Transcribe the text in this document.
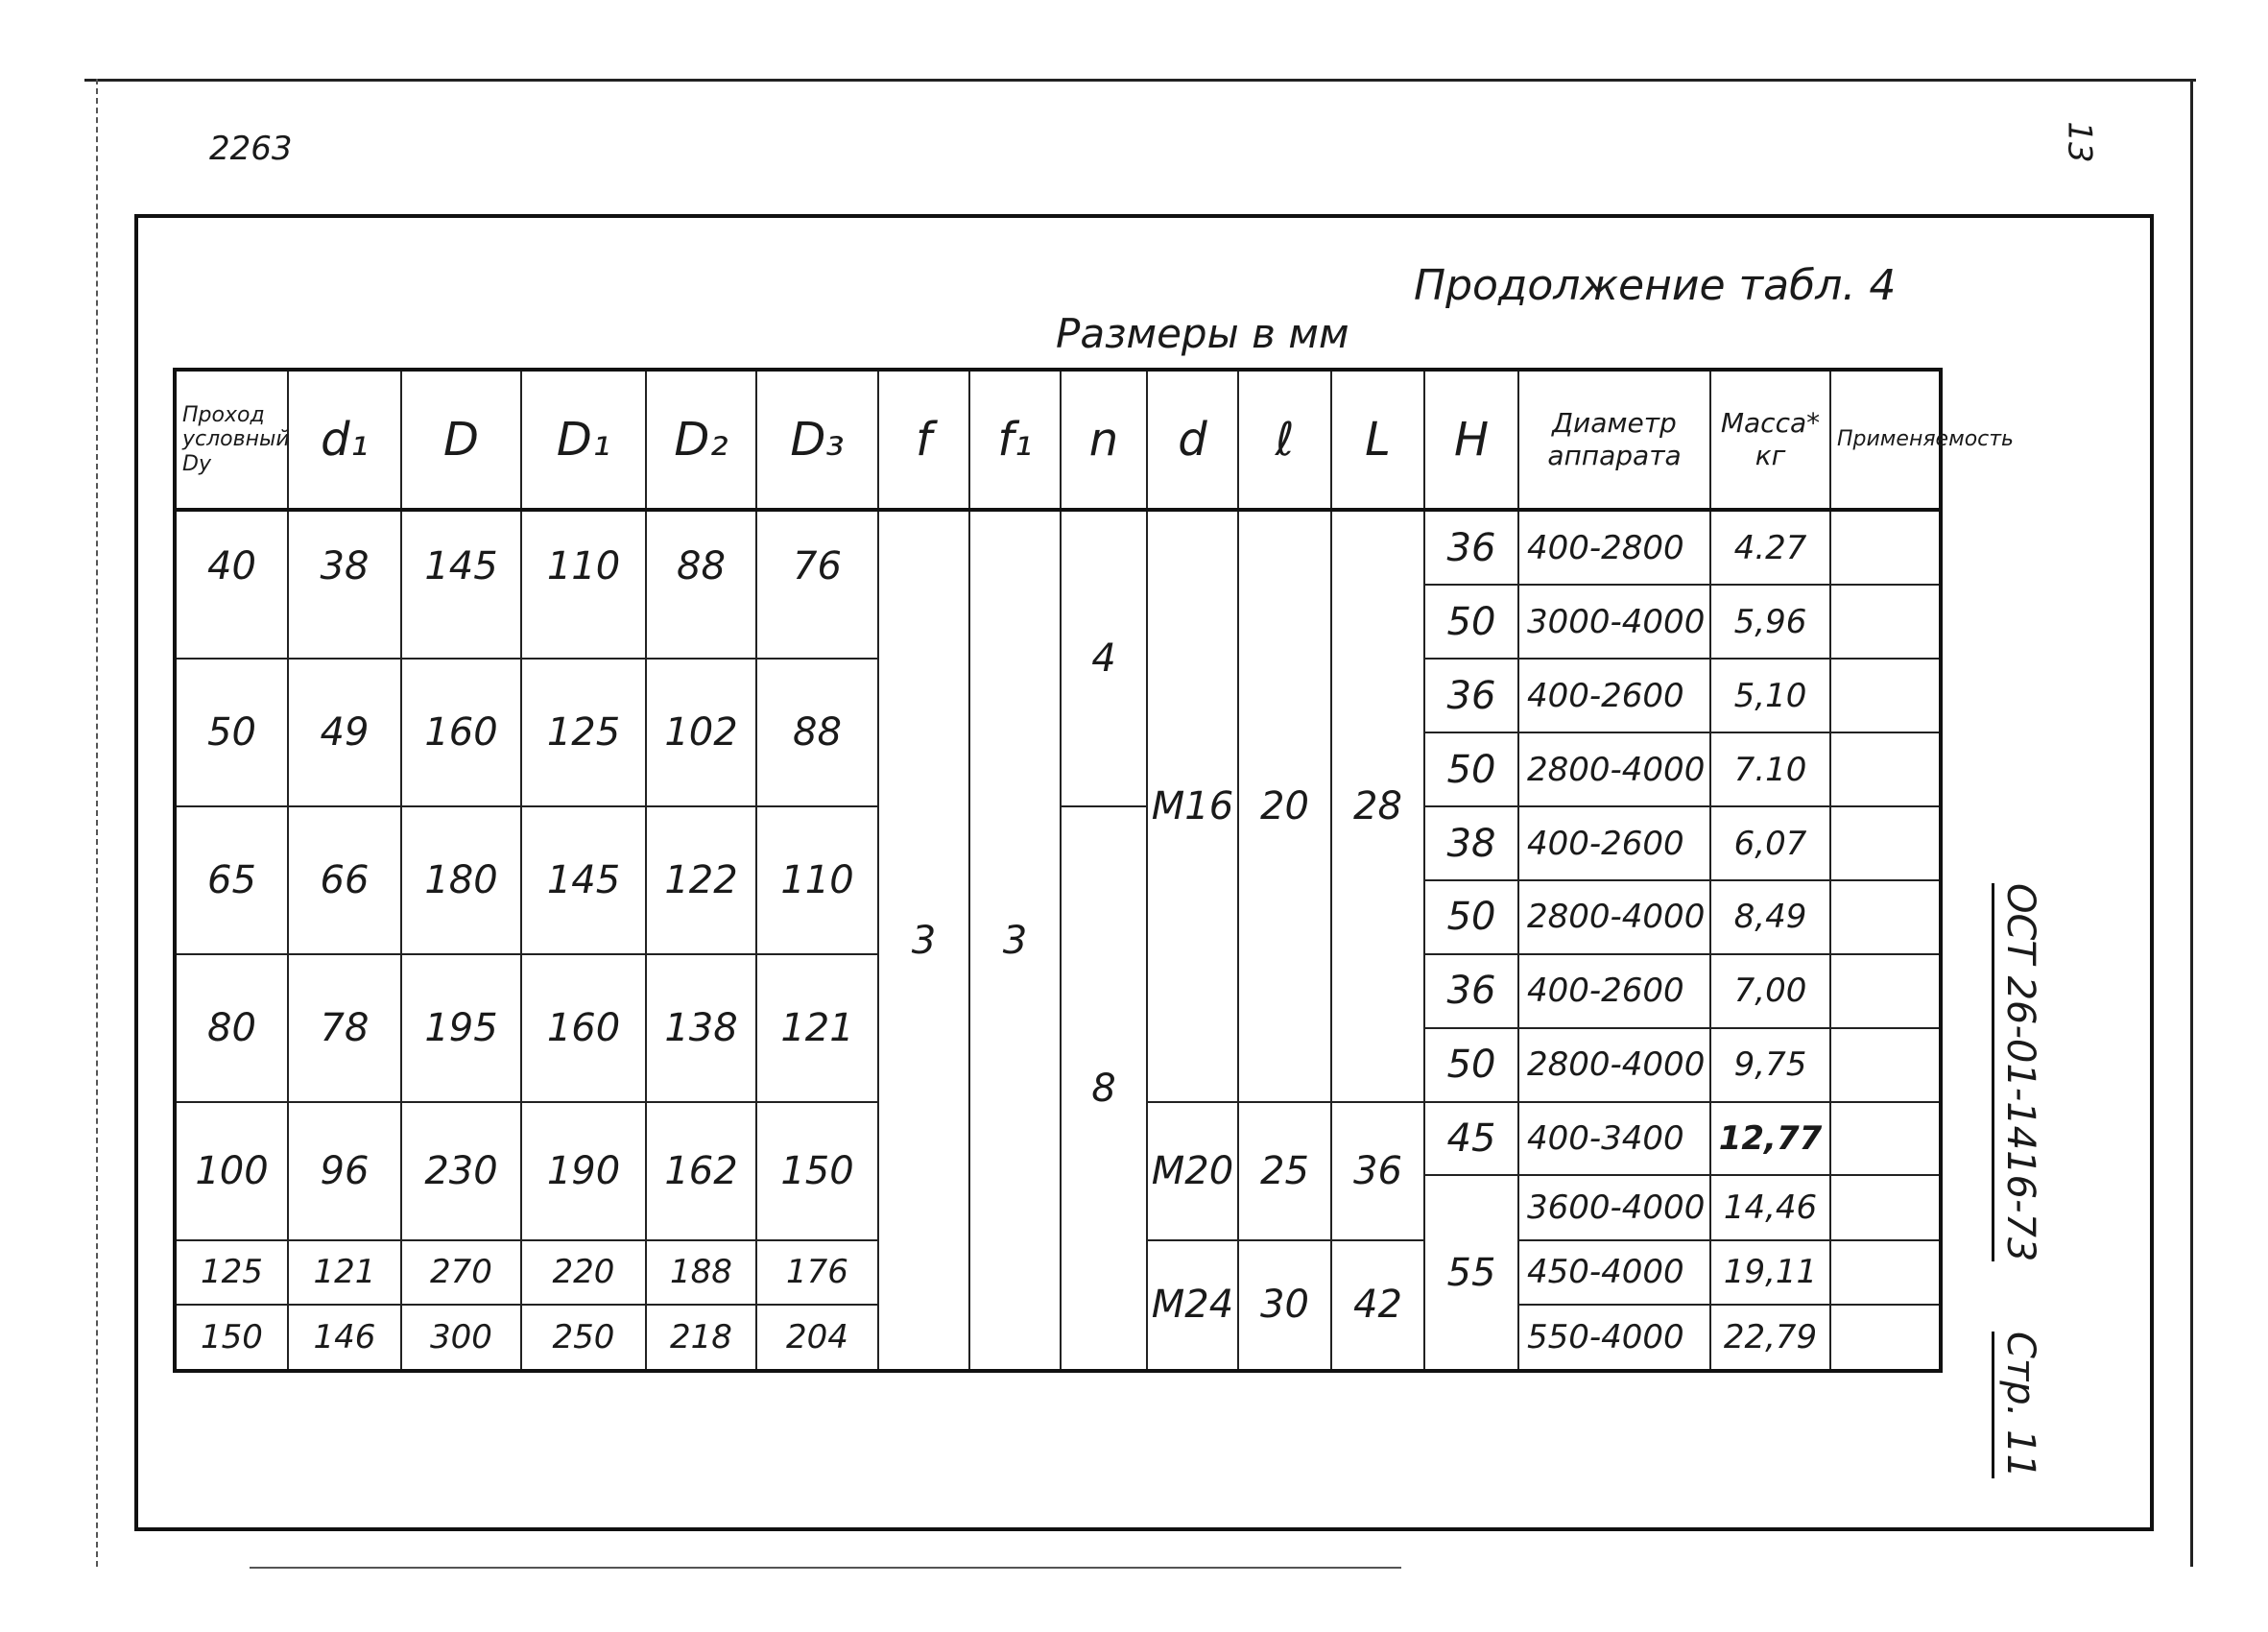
2263	13
Продолжение табл. 4
Размеры в мм
ОСТ 26-01-1416-73
Стр. 11
Проход условный Dy	d₁	D	D₁	D₂	D₃	f	f₁	n	d	ℓ	L	H	Диаметр аппарата	Масса* кг	Применяемость
40	38	145	110	88	76	3	3	4	M16	20	28	36	400-2800	4.27	
												50	3000-4000	5,96	
50	49	160	125	102	88							36	400-2600	5,10	
												50	2800-4000	7.10	
65	66	180	145	122	110			8				38	400-2600	6,07	
												50	2800-4000	8,49	
80	78	195	160	138	121							36	400-2600	7,00	
												50	2800-4000	9,75	
100	96	230	190	162	150				M20	25	36	45	400-3400	12,77	
												55	3600-4000	14,46	
125	121	270	220	188	176				M24	30	42		450-4000	19,11	
150	146	300	250	218	204								550-4000	22,79	
